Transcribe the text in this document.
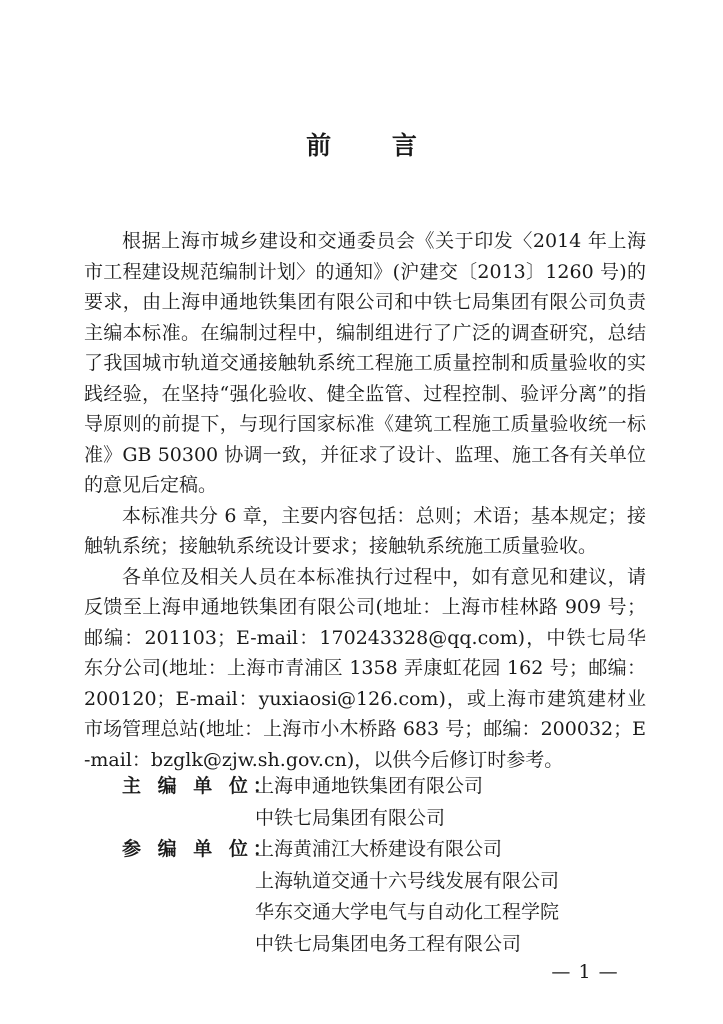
前 言

根据上海市城乡建设和交通委员会《关于印发〈2014 年上海市工程建设规范编制计划〉的通知》(沪建交〔2013〕1260 号)的要求，由上海申通地铁集团有限公司和中铁七局集团有限公司负责主编本标准。在编制过程中，编制组进行了广泛的调查研究，总结了我国城市轨道交通接触轨系统工程施工质量控制和质量验收的实践经验，在坚持“强化验收、健全监管、过程控制、验评分离”的指导原则的前提下，与现行国家标准《建筑工程施工质量验收统一标准》GB 50300 协调一致，并征求了设计、监理、施工各有关单位的意见后定稿。

本标准共分 6 章，主要内容包括：总则；术语；基本规定；接触轨系统；接触轨系统设计要求；接触轨系统施工质量验收。

各单位及相关人员在本标准执行过程中，如有意见和建议，请反馈至上海申通地铁集团有限公司(地址：上海市桂林路 909 号；邮编：201103；E-mail：170243328@qq.com)，中铁七局华东分公司(地址：上海市青浦区 1358 弄康虹花园 162 号；邮编：200120；E-mail：yuxiaosi@126.com)，或上海市建筑建材业市场管理总站(地址：上海市小木桥路 683 号；邮编：200032；E-mail：bzglk@zjw.sh.gov.cn)，以供今后修订时参考。

主 编 单 位：
上海申通地铁集团有限公司
中铁七局集团有限公司
参 编 单 位：
上海黄浦江大桥建设有限公司
上海轨道交通十六号线发展有限公司
华东交通大学电气与自动化工程学院
中铁七局集团电务工程有限公司
— 1 —
